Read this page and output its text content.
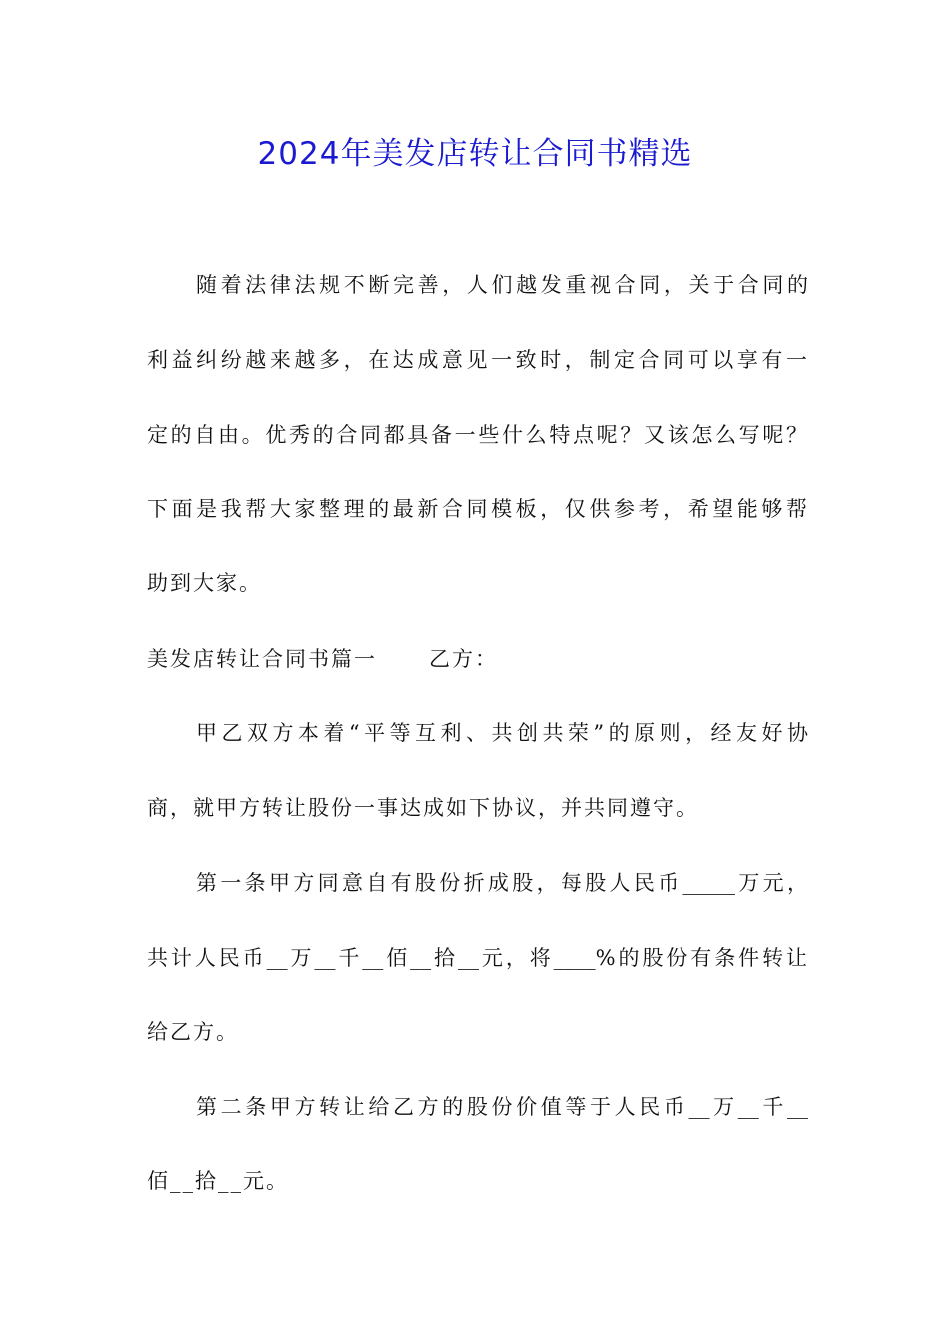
2024年美发店转让合同书精选
随着法律法规不断完善，人们越发重视合同，关于合同的
利益纠纷越来越多，在达成意见一致时，制定合同可以享有一
定的自由。优秀的合同都具备一些什么特点呢？又该怎么写呢？
下面是我帮大家整理的最新合同模板，仅供参考，希望能够帮
助到大家。
美发店转让合同书篇一 乙方：
甲乙双方本着“平等互利、共创共荣”的原则，经友好协
商，就甲方转让股份一事达成如下协议，并共同遵守。
第一条甲方同意自有股份折成股，每股人民币_____万元，
共计人民币__万__千__佰__拾__元，将____%的股份有条件转让
给乙方。
第二条甲方转让给乙方的股份价值等于人民币__万__千__
佰__拾__元。
